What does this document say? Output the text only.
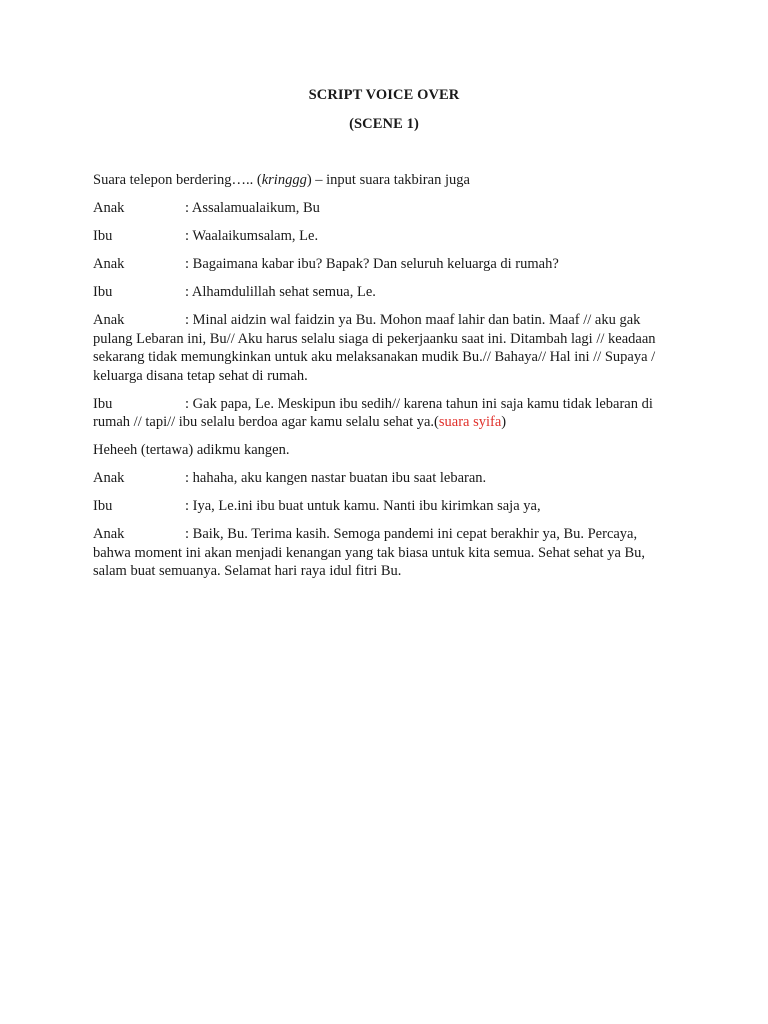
SCRIPT VOICE OVER
(SCENE 1)

Suara telepon berdering….. (kringgg) – input suara takbiran juga

Anak	: Assalamualaikum, Bu

Ibu	: Waalaikumsalam, Le.

Anak	: Bagaimana kabar ibu? Bapak? Dan seluruh keluarga di rumah?

Ibu	: Alhamdulillah sehat semua, Le.

Anak	: Minal aidzin wal faidzin ya Bu. Mohon maaf lahir dan batin. Maaf // aku gak pulang Lebaran ini, Bu// Aku harus selalu siaga di pekerjaanku saat ini. Ditambah lagi // keadaan sekarang tidak memungkinkan untuk aku melaksanakan mudik Bu.// Bahaya// Hal ini // Supaya / keluarga disana tetap sehat di rumah.

Ibu	: Gak papa, Le. Meskipun ibu sedih// karena tahun ini saja kamu tidak lebaran di rumah // tapi// ibu selalu berdoa agar kamu selalu sehat ya.(suara syifa)

Heheeh (tertawa) adikmu kangen.

Anak	: hahaha, aku kangen nastar buatan ibu saat lebaran.

Ibu	: Iya, Le.ini ibu buat untuk kamu. Nanti ibu kirimkan saja ya,

Anak	: Baik, Bu. Terima kasih. Semoga pandemi ini cepat berakhir ya, Bu. Percaya, bahwa moment ini akan menjadi kenangan yang tak biasa untuk kita semua. Sehat sehat ya Bu, salam buat semuanya. Selamat hari raya idul fitri Bu.
